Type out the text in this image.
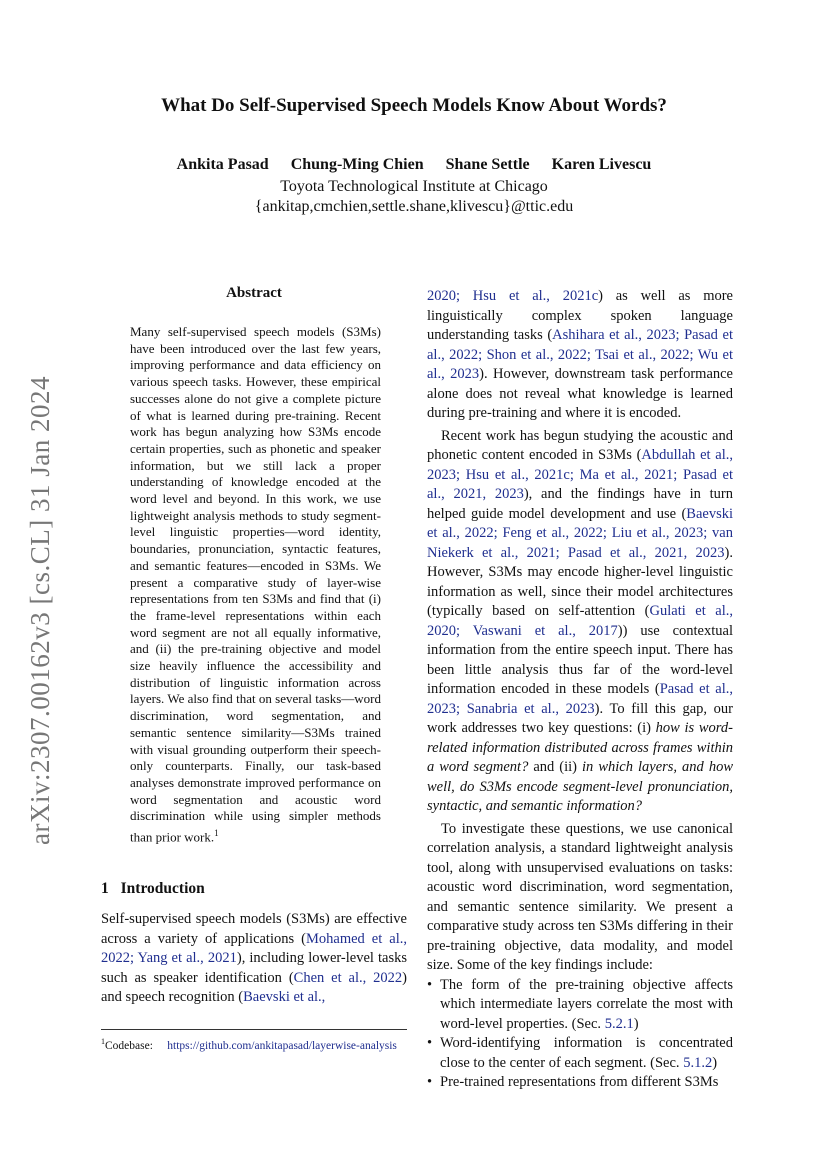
arXiv:2307.00162v3 [cs.CL] 31 Jan 2024
What Do Self-Supervised Speech Models Know About Words?
Ankita Pasad Chung-Ming Chien Shane Settle Karen Livescu
Toyota Technological Institute at Chicago
{ankitap,cmchien,settle.shane,klivescu}@ttic.edu
Abstract
Many self-supervised speech models (S3Ms) have been introduced over the last few years, improving performance and data efficiency on various speech tasks. However, these empirical successes alone do not give a complete picture of what is learned during pre-training. Recent work has begun analyzing how S3Ms encode certain properties, such as phonetic and speaker information, but we still lack a proper understanding of knowledge encoded at the word level and beyond. In this work, we use lightweight analysis methods to study segment-level linguistic properties—word identity, boundaries, pronunciation, syntactic features, and semantic features—encoded in S3Ms. We present a comparative study of layer-wise representations from ten S3Ms and find that (i) the frame-level representations within each word segment are not all equally informative, and (ii) the pre-training objective and model size heavily influence the accessibility and distribution of linguistic information across layers. We also find that on several tasks—word discrimination, word segmentation, and semantic sentence similarity—S3Ms trained with visual grounding outperform their speech-only counterparts. Finally, our task-based analyses demonstrate improved performance on word segmentation and acoustic word discrimination while using simpler methods than prior work.$^1$
1 Introduction

Self-supervised speech models (S3Ms) are effective across a variety of applications (Mohamed et al., 2022; Yang et al., 2021), including lower-level tasks such as speaker identification (Chen et al., 2022) and speech recognition (Baevski et al.,

$^1$Codebase: https://github.com/ankitapasad/layerwise-analysis

2020; Hsu et al., 2021c) as well as more linguistically complex spoken language understanding tasks (Ashihara et al., 2023; Pasad et al., 2022; Shon et al., 2022; Tsai et al., 2022; Wu et al., 2023). However, downstream task performance alone does not reveal what knowledge is learned during pre-training and where it is encoded.

Recent work has begun studying the acoustic and phonetic content encoded in S3Ms (Abdullah et al., 2023; Hsu et al., 2021c; Ma et al., 2021; Pasad et al., 2021, 2023), and the findings have in turn helped guide model development and use (Baevski et al., 2022; Feng et al., 2022; Liu et al., 2023; van Niekerk et al., 2021; Pasad et al., 2021, 2023). However, S3Ms may encode higher-level linguistic information as well, since their model architectures (typically based on self-attention (Gulati et al., 2020; Vaswani et al., 2017)) use contextual information from the entire speech input. There has been little analysis thus far of the word-level information encoded in these models (Pasad et al., 2023; Sanabria et al., 2023). To fill this gap, our work addresses two key questions: (i) how is word-related information distributed across frames within a word segment? and (ii) in which layers, and how well, do S3Ms encode segment-level pronunciation, syntactic, and semantic information?

To investigate these questions, we use canonical correlation analysis, a standard lightweight analysis tool, along with unsupervised evaluations on tasks: acoustic word discrimination, word segmentation, and semantic sentence similarity. We present a comparative study across ten S3Ms differing in their pre-training objective, data modality, and model size. Some of the key findings include:

• The form of the pre-training objective affects which intermediate layers correlate the most with word-level properties. (Sec. 5.2.1)
• Word-identifying information is concentrated close to the center of each segment. (Sec. 5.1.2)
• Pre-trained representations from different S3Ms
